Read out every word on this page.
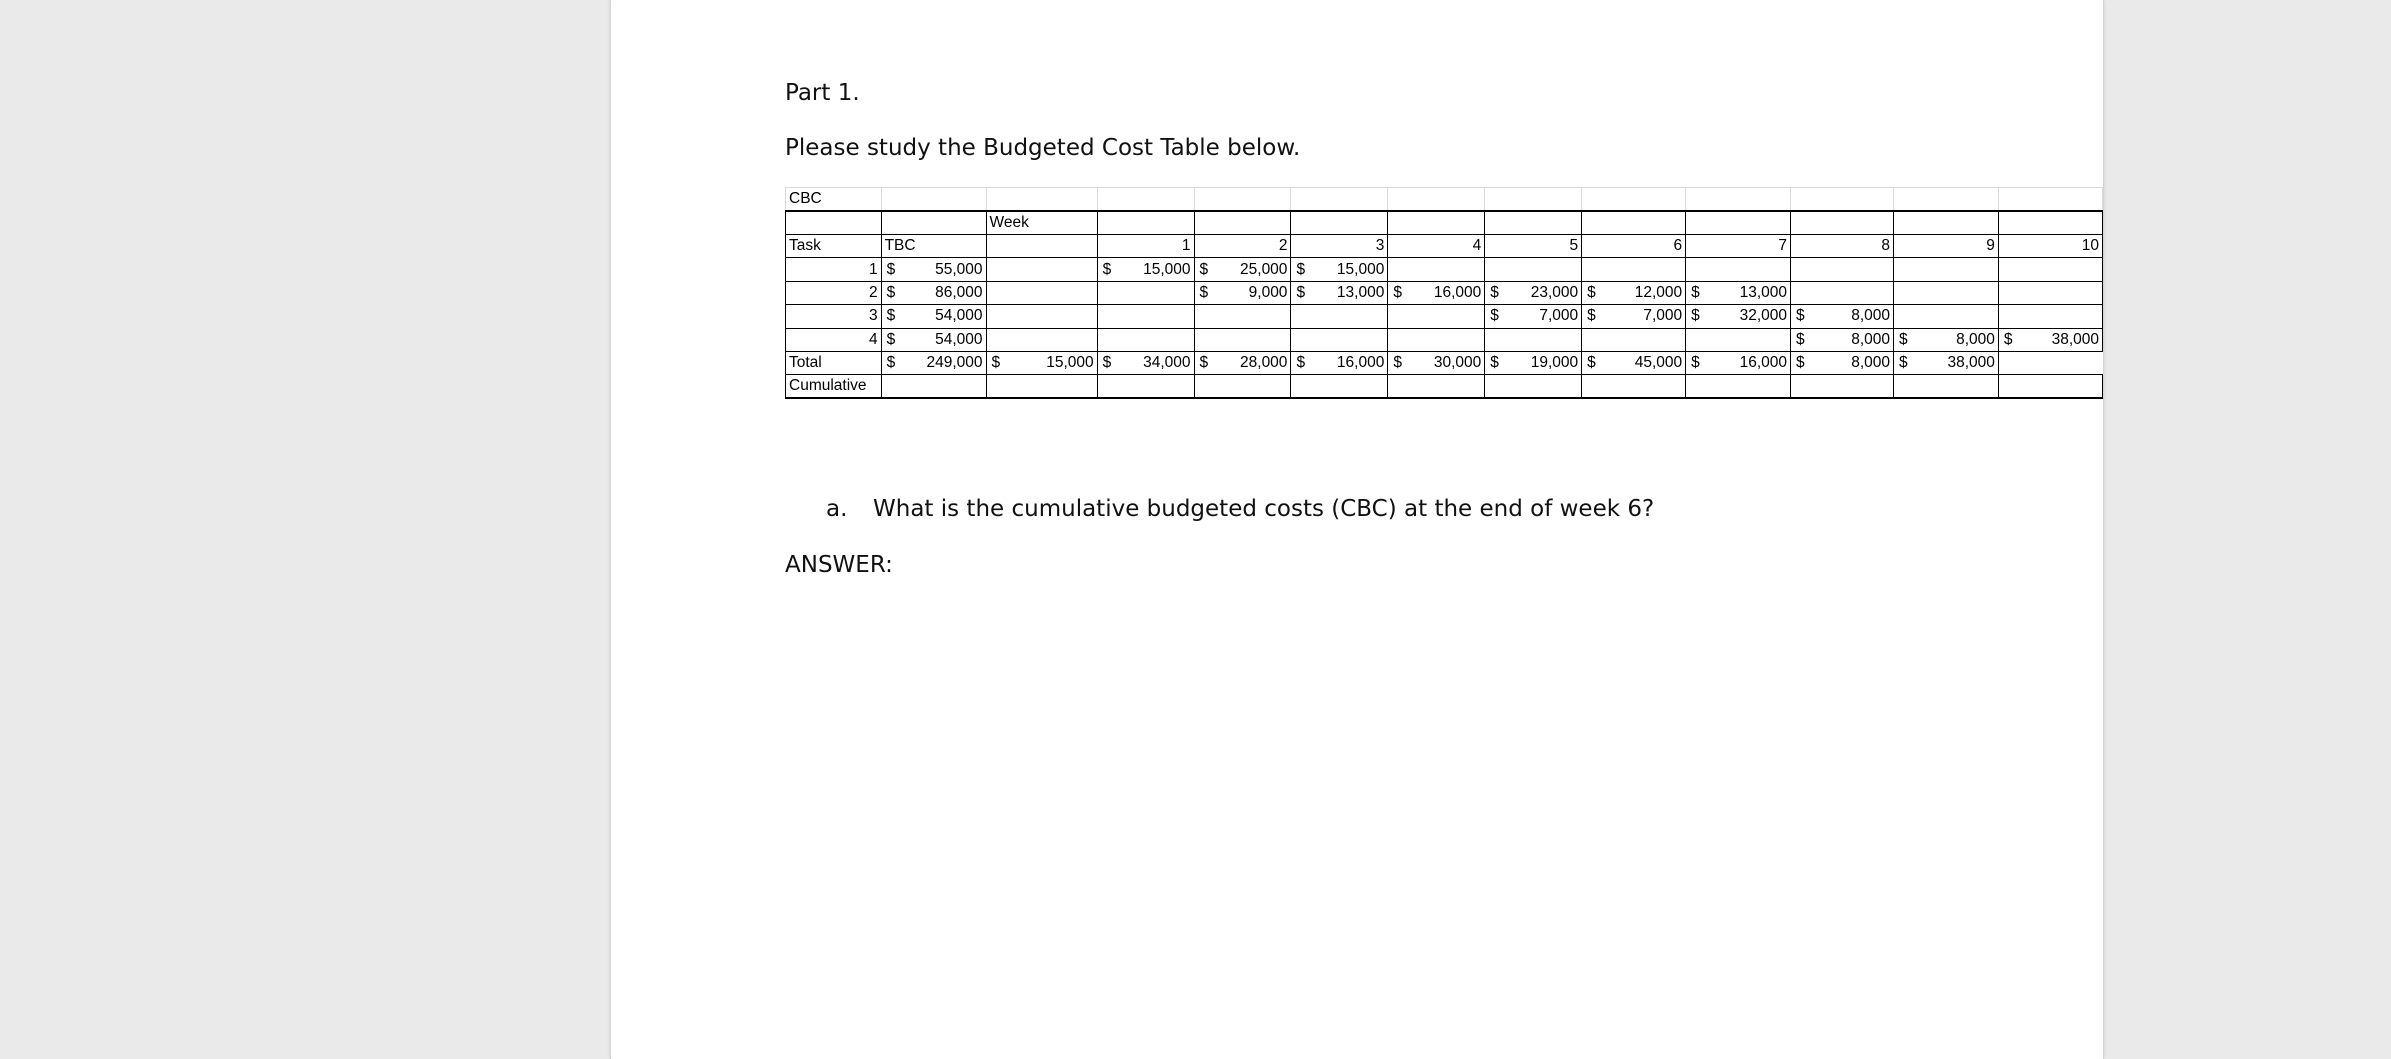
Part 1.
Please study the Budgeted Cost Table below.
CBC												
		Week										
Task	TBC		1	2	3	4	5	6	7	8	9	10
1	$ 55,000		$ 15,000	$ 25,000	$ 15,000							

2	$ 86,000			$ 9,000	$ 13,000	$ 16,000	$ 23,000	$ 12,000	$ 13,000			

3	$ 54,000						$ 7,000	$ 7,000	$ 32,000	$ 8,000		

4	$ 54,000									$ 8,000	$ 8,000	$ 38,000

Total	$ 249,000	$ 15,000	$ 34,000	$ 28,000	$ 16,000	$ 30,000	$ 19,000	$ 45,000	$ 16,000	$ 8,000	$ 38,000	

Cumulative												
a. What is the cumulative budgeted costs (CBC) at the end of week 6?
ANSWER:
